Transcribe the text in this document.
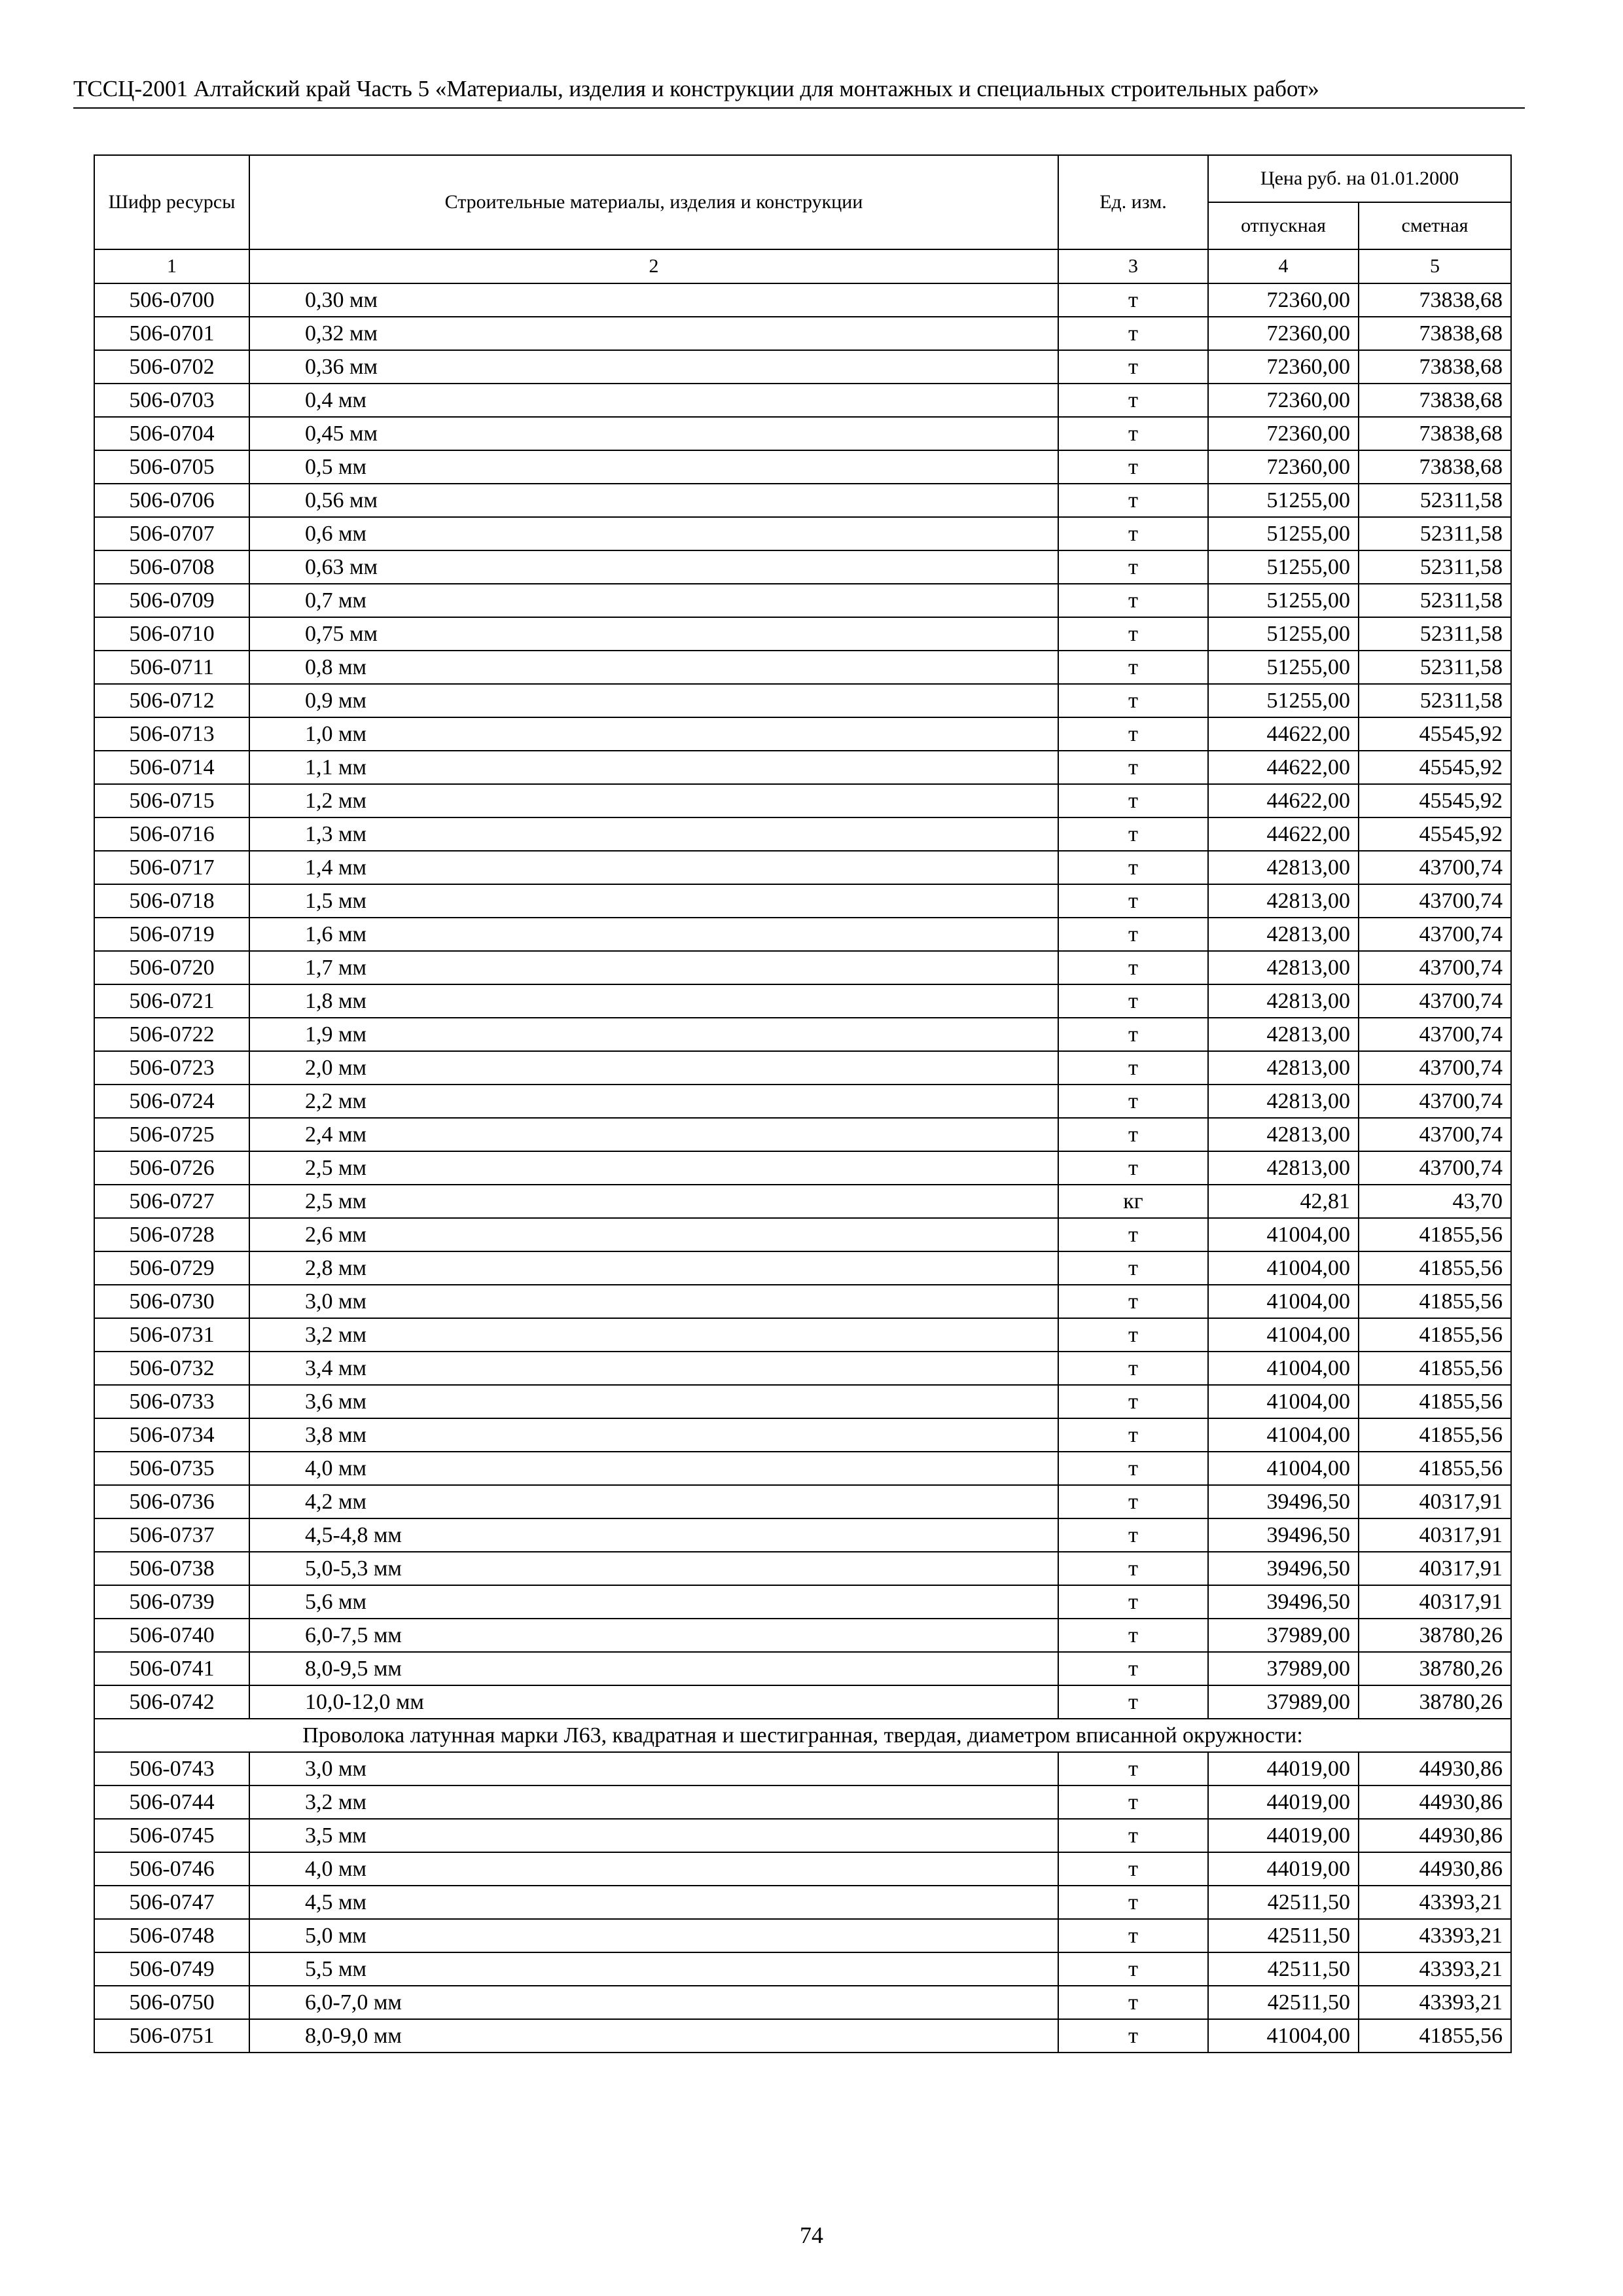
ТССЦ-2001 Алтайский край Часть 5 «Материалы, изделия и конструкции для монтажных и специальных строительных работ»
Шифр ресурсы	Строительные материалы, изделия и конструкции	Ед. изм.	Цена руб. на 01.01.2000	
			отпускная	сметная
1	2	3	4	5
506-0700	0,30 мм	т	72360,00	73838,68
506-0701	0,32 мм	т	72360,00	73838,68
506-0702	0,36 мм	т	72360,00	73838,68
506-0703	0,4 мм	т	72360,00	73838,68
506-0704	0,45 мм	т	72360,00	73838,68
506-0705	0,5 мм	т	72360,00	73838,68
506-0706	0,56 мм	т	51255,00	52311,58
506-0707	0,6 мм	т	51255,00	52311,58
506-0708	0,63 мм	т	51255,00	52311,58
506-0709	0,7 мм	т	51255,00	52311,58
506-0710	0,75 мм	т	51255,00	52311,58
506-0711	0,8 мм	т	51255,00	52311,58
506-0712	0,9 мм	т	51255,00	52311,58
506-0713	1,0 мм	т	44622,00	45545,92
506-0714	1,1 мм	т	44622,00	45545,92
506-0715	1,2 мм	т	44622,00	45545,92
506-0716	1,3 мм	т	44622,00	45545,92
506-0717	1,4 мм	т	42813,00	43700,74
506-0718	1,5 мм	т	42813,00	43700,74
506-0719	1,6 мм	т	42813,00	43700,74
506-0720	1,7 мм	т	42813,00	43700,74
506-0721	1,8 мм	т	42813,00	43700,74
506-0722	1,9 мм	т	42813,00	43700,74
506-0723	2,0 мм	т	42813,00	43700,74
506-0724	2,2 мм	т	42813,00	43700,74
506-0725	2,4 мм	т	42813,00	43700,74
506-0726	2,5 мм	т	42813,00	43700,74
506-0727	2,5 мм	кг	42,81	43,70
506-0728	2,6 мм	т	41004,00	41855,56
506-0729	2,8 мм	т	41004,00	41855,56
506-0730	3,0 мм	т	41004,00	41855,56
506-0731	3,2 мм	т	41004,00	41855,56
506-0732	3,4 мм	т	41004,00	41855,56
506-0733	3,6 мм	т	41004,00	41855,56
506-0734	3,8 мм	т	41004,00	41855,56
506-0735	4,0 мм	т	41004,00	41855,56
506-0736	4,2 мм	т	39496,50	40317,91
506-0737	4,5-4,8 мм	т	39496,50	40317,91
506-0738	5,0-5,3 мм	т	39496,50	40317,91
506-0739	5,6 мм	т	39496,50	40317,91
506-0740	6,0-7,5 мм	т	37989,00	38780,26
506-0741	8,0-9,5 мм	т	37989,00	38780,26
506-0742	10,0-12,0 мм	т	37989,00	38780,26
Проволока латунная марки Л63, квадратная и шестигранная, твердая, диаметром вписанной окружности:				
506-0743	3,0 мм	т	44019,00	44930,86
506-0744	3,2 мм	т	44019,00	44930,86
506-0745	3,5 мм	т	44019,00	44930,86
506-0746	4,0 мм	т	44019,00	44930,86
506-0747	4,5 мм	т	42511,50	43393,21
506-0748	5,0 мм	т	42511,50	43393,21
506-0749	5,5 мм	т	42511,50	43393,21
506-0750	6,0-7,0 мм	т	42511,50	43393,21
506-0751	8,0-9,0 мм	т	41004,00	41855,56
74
